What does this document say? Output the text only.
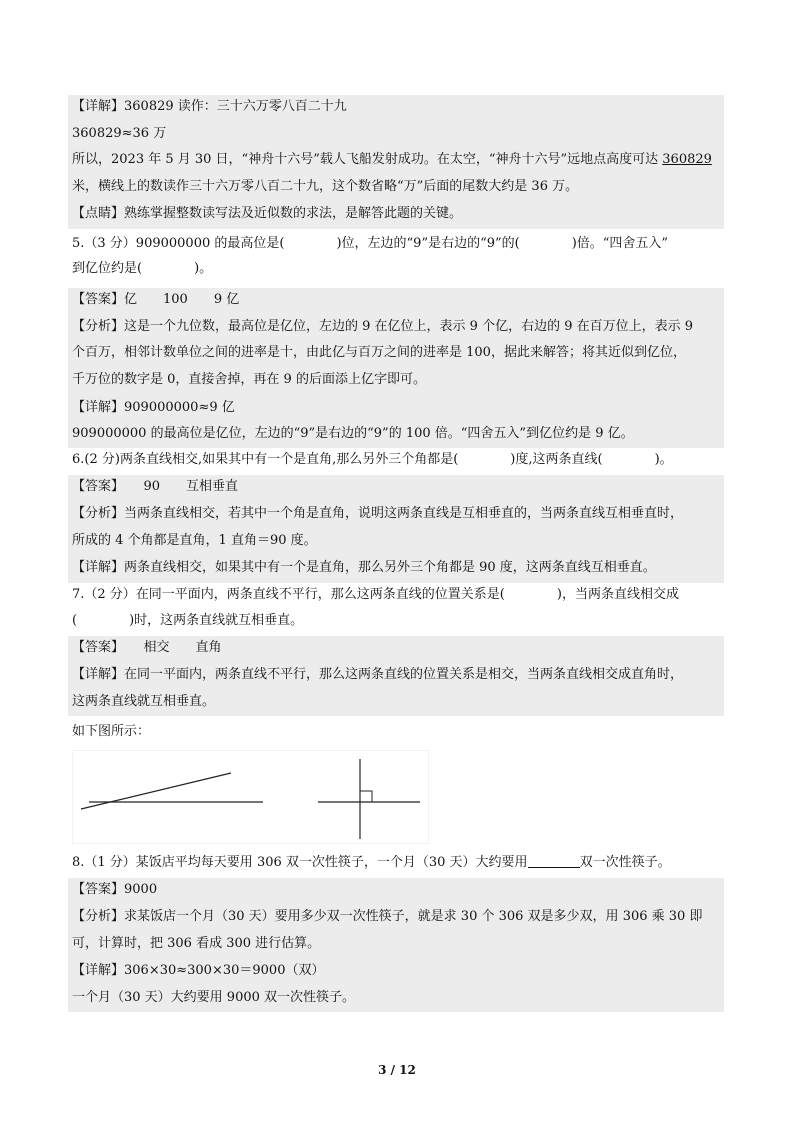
【详解】360829 读作：三十六万零八百二十九
360829≈36 万
所以，2023 年 5 月 30 日，“神舟十六号”载人飞船发射成功。在太空，“神舟十六号”远地点高度可达 360829
米，横线上的数读作三十六万零八百二十九，这个数省略“万”后面的尾数大约是 36 万。
【点睛】熟练掌握整数读写法及近似数的求法，是解答此题的关键。
5.（3 分）909000000 的最高位是(　　　　)位，左边的“9”是右边的“9”的(　　　　)倍。“四舍五入”
到亿位约是(　　　　)。
【答案】亿　　100　　9 亿
【分析】这是一个九位数，最高位是亿位，左边的 9 在亿位上，表示 9 个亿，右边的 9 在百万位上，表示 9
个百万，相邻计数单位之间的进率是十，由此亿与百万之间的进率是 100，据此来解答；将其近似到亿位，
千万位的数字是 0，直接舍掉，再在 9 的后面添上亿字即可。
【详解】909000000≈9 亿
909000000 的最高位是亿位，左边的“9”是右边的“9”的 100 倍。“四舍五入”到亿位约是 9 亿。
6.(2 分)两条直线相交,如果其中有一个是直角,那么另外三个角都是(　　　　)度,这两条直线(　　　　)。
【答案】　　90　　互相垂直
【分析】当两条直线相交，若其中一个角是直角，说明这两条直线是互相垂直的，当两条直线互相垂直时，
所成的 4 个角都是直角，1 直角＝90 度。
【详解】两条直线相交，如果其中有一个是直角，那么另外三个角都是 90 度，这两条直线互相垂直。
7.（2 分）在同一平面内，两条直线不平行，那么这两条直线的位置关系是(　　　　)，当两条直线相交成
(　　　　)时，这两条直线就互相垂直。
【答案】　　相交　　直角
【详解】在同一平面内，两条直线不平行，那么这两条直线的位置关系是相交，当两条直线相交成直角时，
这两条直线就互相垂直。
如下图所示：
8.（1 分）某饭店平均每天要用 306 双一次性筷子，一个月（30 天）大约要用	双一次性筷子。
【答案】9000
【分析】求某饭店一个月（30 天）要用多少双一次性筷子，就是求 30 个 306 双是多少双，用 306 乘 30 即
可，计算时，把 306 看成 300 进行估算。
【详解】306×30≈300×30＝9000（双）
一个月（30 天）大约要用 9000 双一次性筷子。
3 / 12
